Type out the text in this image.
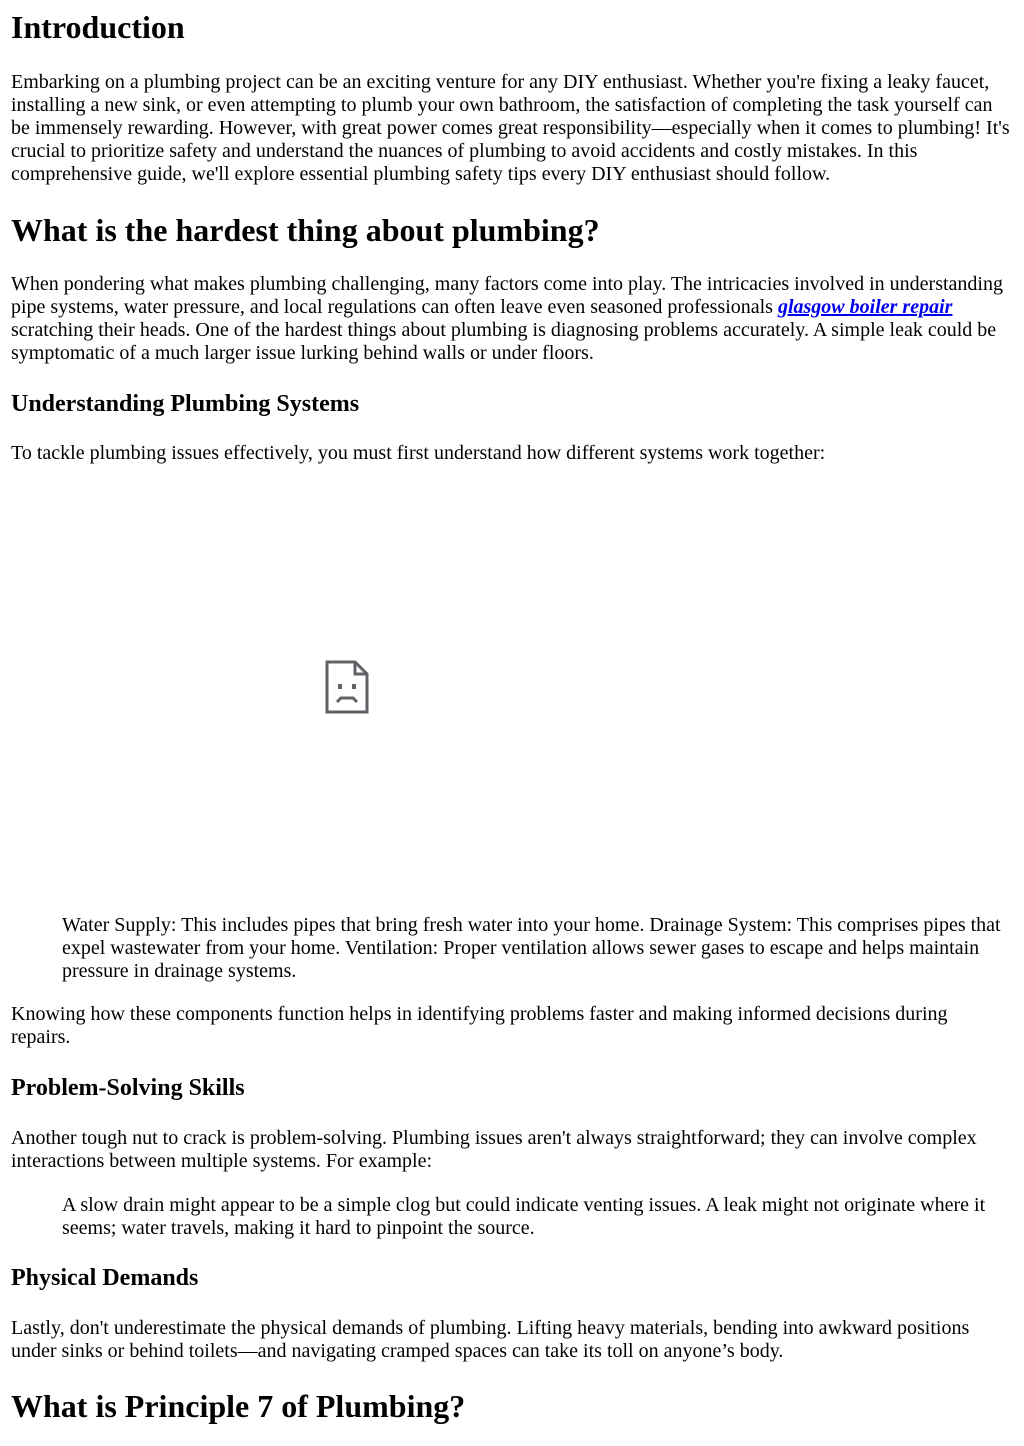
Introduction

Embarking on a plumbing project can be an exciting venture for any DIY enthusiast. Whether you're fixing a leaky faucet, installing a new sink, or even attempting to plumb your own bathroom, the satisfaction of completing the task yourself can be immensely rewarding. However, with great power comes great responsibility—especially when it comes to plumbing! It's crucial to prioritize safety and understand the nuances of plumbing to avoid accidents and costly mistakes. In this comprehensive guide, we'll explore essential plumbing safety tips every DIY enthusiast should follow.

What is the hardest thing about plumbing?

When pondering what makes plumbing challenging, many factors come into play. The intricacies involved in understanding pipe systems, water pressure, and local regulations can often leave even seasoned professionals glasgow boiler repair scratching their heads. One of the hardest things about plumbing is diagnosing problems accurately. A simple leak could be symptomatic of a much larger issue lurking behind walls or under floors.

Understanding Plumbing Systems

To tackle plumbing issues effectively, you must first understand how different systems work together:

Water Supply: This includes pipes that bring fresh water into your home. Drainage System: This comprises pipes that expel wastewater from your home. Ventilation: Proper ventilation allows sewer gases to escape and helps maintain pressure in drainage systems.

Knowing how these components function helps in identifying problems faster and making informed decisions during repairs.

Problem-Solving Skills

Another tough nut to crack is problem-solving. Plumbing issues aren't always straightforward; they can involve complex interactions between multiple systems. For example:

A slow drain might appear to be a simple clog but could indicate venting issues. A leak might not originate where it seems; water travels, making it hard to pinpoint the source.

Physical Demands

Lastly, don't underestimate the physical demands of plumbing. Lifting heavy materials, bending into awkward positions under sinks or behind toilets—and navigating cramped spaces can take its toll on anyone’s body.

What is Principle 7 of Plumbing?
